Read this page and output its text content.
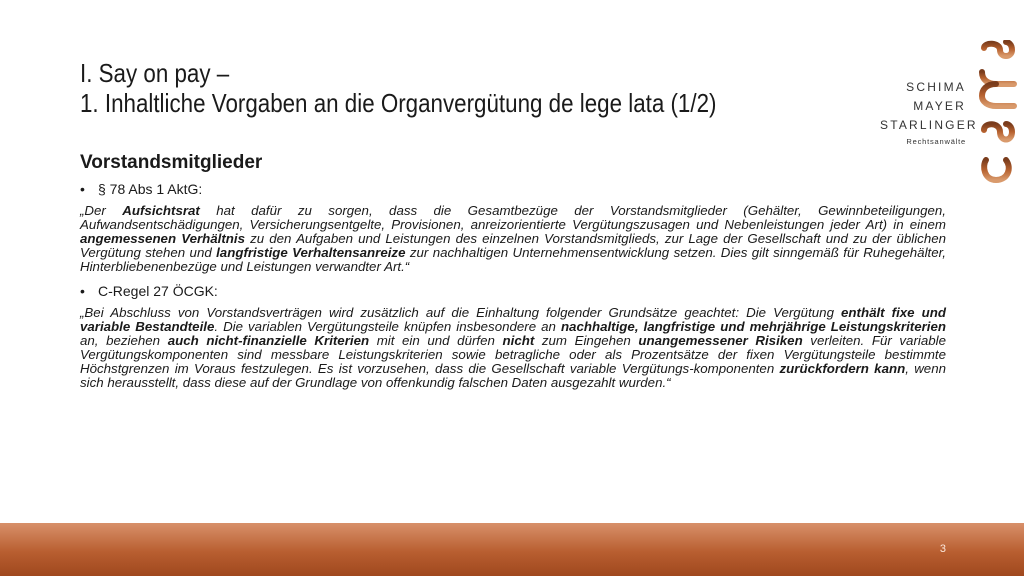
I. Say on pay –
1. Inhaltliche Vorgaben an die Organvergütung de lege lata (1/2)
SCHIMA
MAYER
STARLINGER
Rechtsanwälte
Vorstandsmitglieder
• § 78 Abs 1 AktG:
„Der Aufsichtsrat hat dafür zu sorgen, dass die Gesamtbezüge der Vorstandsmitglieder (Gehälter, Gewinnbeteiligungen, Aufwandsentschädigungen, Versicherungsentgelte, Provisionen, anreizorientierte Vergütungszusagen und Nebenleistungen jeder Art) in einem angemessenen Verhältnis zu den Aufgaben und Leistungen des einzelnen Vorstandsmitglieds, zur Lage der Gesellschaft und zu der üblichen Vergütung stehen und langfristige Verhaltensanreize zur nachhaltigen Unternehmensentwicklung setzen. Dies gilt sinngemäß für Ruhegehälter, Hinterbliebenenbezüge und Leistungen verwandter Art.“
• C-Regel 27 ÖCGK:
„Bei Abschluss von Vorstandsverträgen wird zusätzlich auf die Einhaltung folgender Grundsätze geachtet: Die Vergütung enthält fixe und variable Bestandteile. Die variablen Vergütungsteile knüpfen insbesondere an nachhaltige, langfristige und mehrjährige Leistungskriterien an, beziehen auch nicht-finanzielle Kriterien mit ein und dürfen nicht zum Eingehen unangemessener Risiken verleiten. Für variable Vergütungskomponenten sind messbare Leistungskriterien sowie betragliche oder als Prozentsätze der fixen Vergütungsteile bestimmte Höchstgrenzen im Voraus festzulegen. Es ist vorzusehen, dass die Gesellschaft variable Vergütungs-komponenten zurückfordern kann, wenn sich herausstellt, dass diese auf der Grundlage von offenkundig falschen Daten ausgezahlt wurden.“
3
